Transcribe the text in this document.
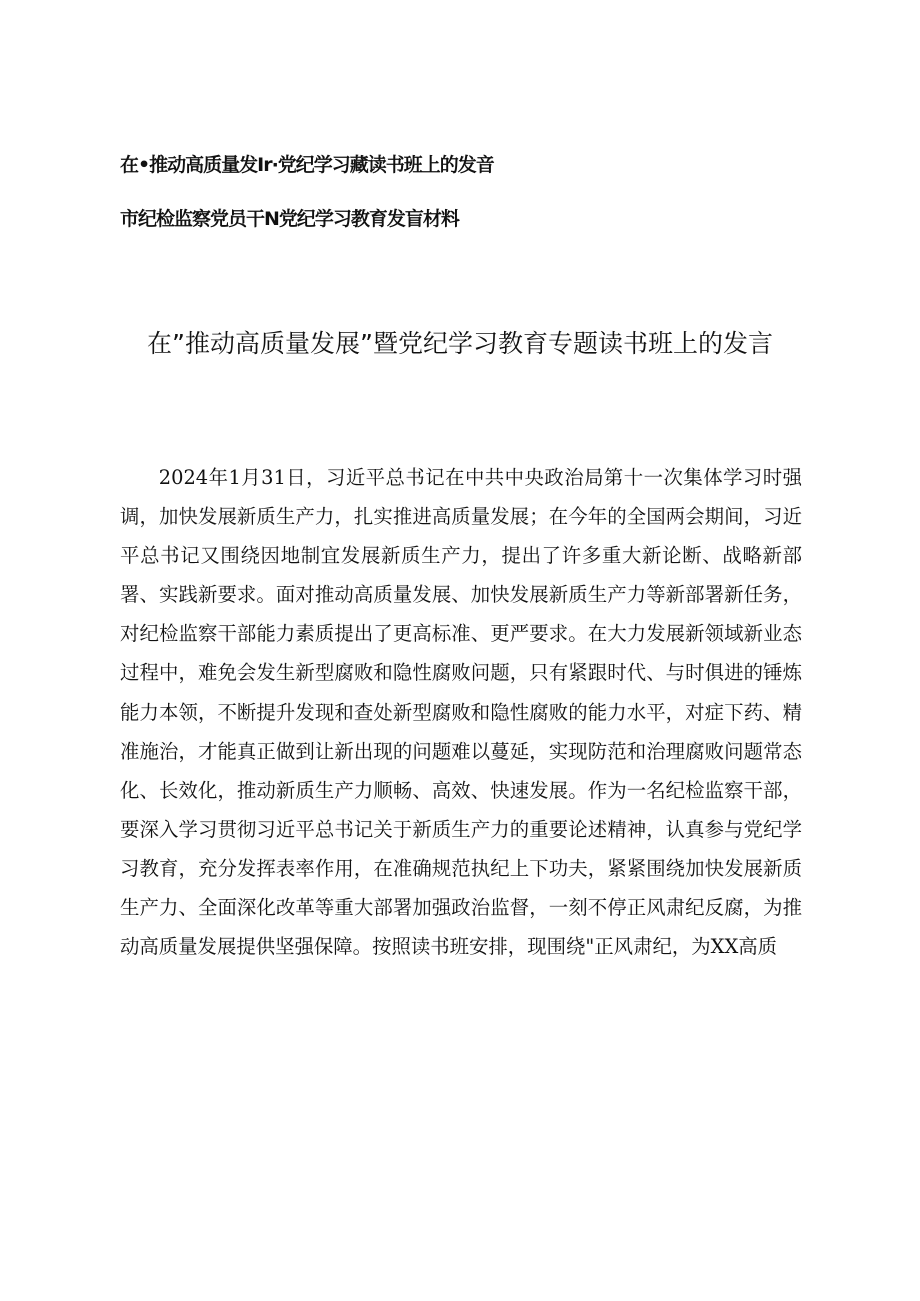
在•推动高质量发Ir·党纪学习藏读书班上的发音
市纪检监察党员干N党纪学习教育发盲材料
在”推动高质量发展”暨党纪学习教育专题读书班上的发言

2024年1月31日，习近平总书记在中共中央政治局第十一次集体学习时强调，加快发展新质生产力，扎实推进高质量发展；在今年的全国两会期间，习近平总书记又围绕因地制宜发展新质生产力，提出了许多重大新论断、战略新部署、实践新要求。面对推动高质量发展、加快发展新质生产力等新部署新任务，对纪检监察干部能力素质提出了更高标准、更严要求。在大力发展新领域新业态过程中，难免会发生新型腐败和隐性腐败问题，只有紧跟时代、与时俱进的锤炼能力本领，不断提升发现和查处新型腐败和隐性腐败的能力水平，对症下药、精准施治，才能真正做到让新出现的问题难以蔓延，实现防范和治理腐败问题常态化、长效化，推动新质生产力顺畅、高效、快速发展。作为一名纪检监察干部，要深入学习贯彻习近平总书记关于新质生产力的重要论述精神，认真参与党纪学习教育，充分发挥表率作用，在准确规范执纪上下功夫，紧紧围绕加快发展新质生产力、全面深化改革等重大部署加强政治监督，一刻不停正风肃纪反腐，为推动高质量发展提供坚强保障。按照读书班安排，现围绕"正风肃纪，为XX高质
